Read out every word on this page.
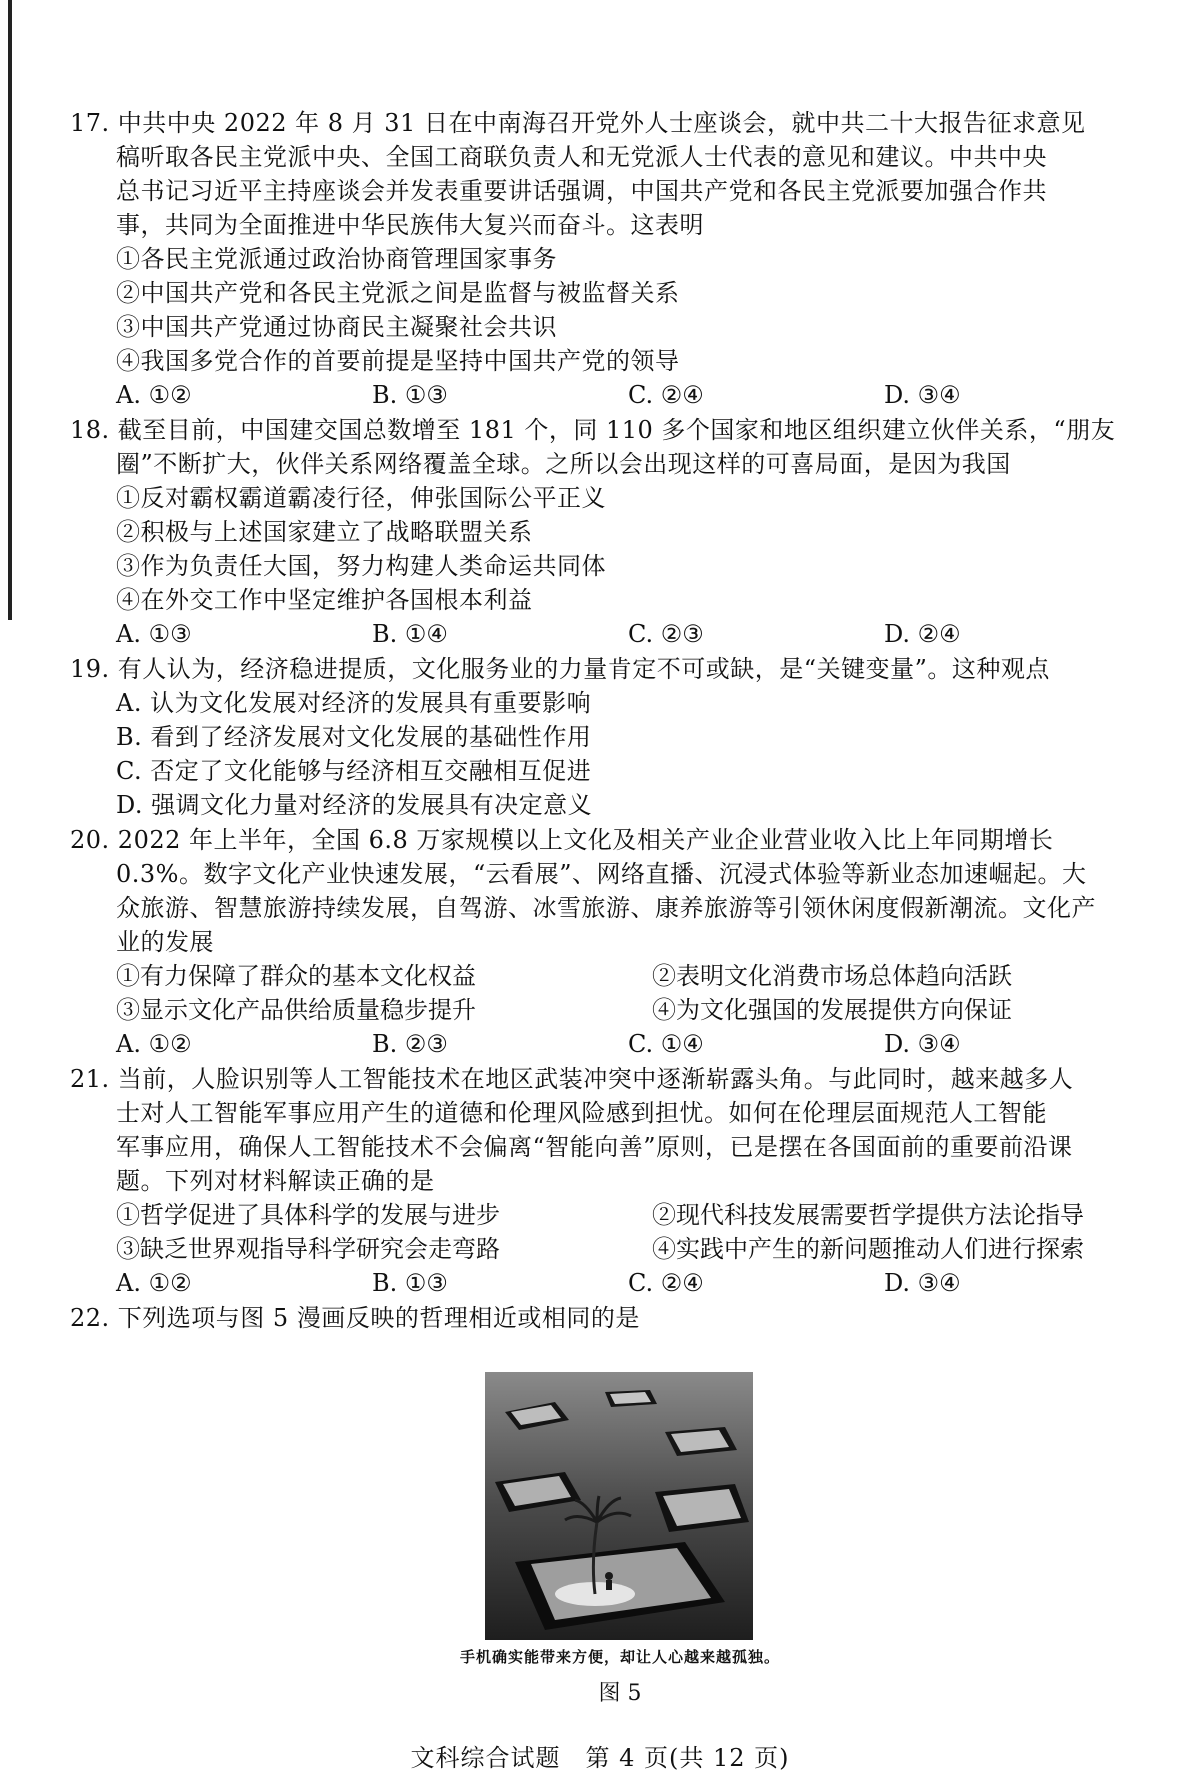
17. 中共中央 2022 年 8 月 31 日在中南海召开党外人士座谈会，就中共二十大报告征求意见
稿听取各民主党派中央、全国工商联负责人和无党派人士代表的意见和建议。中共中央
总书记习近平主持座谈会并发表重要讲话强调，中国共产党和各民主党派要加强合作共
事，共同为全面推进中华民族伟大复兴而奋斗。这表明
①各民主党派通过政治协商管理国家事务
②中国共产党和各民主党派之间是监督与被监督关系
③中国共产党通过协商民主凝聚社会共识
④我国多党合作的首要前提是坚持中国共产党的领导
A. ①②	B. ①③	C. ②④	D. ③④
18. 截至目前，中国建交国总数增至 181 个，同 110 多个国家和地区组织建立伙伴关系，“朋友
圈”不断扩大，伙伴关系网络覆盖全球。之所以会出现这样的可喜局面，是因为我国
①反对霸权霸道霸凌行径，伸张国际公平正义
②积极与上述国家建立了战略联盟关系
③作为负责任大国，努力构建人类命运共同体
④在外交工作中坚定维护各国根本利益
A. ①③	B. ①④	C. ②③	D. ②④
19. 有人认为，经济稳进提质，文化服务业的力量肯定不可或缺，是“关键变量”。这种观点
A. 认为文化发展对经济的发展具有重要影响
B. 看到了经济发展对文化发展的基础性作用
C. 否定了文化能够与经济相互交融相互促进
D. 强调文化力量对经济的发展具有决定意义
20. 2022 年上半年，全国 6.8 万家规模以上文化及相关产业企业营业收入比上年同期增长
0.3%。数字文化产业快速发展，“云看展”、网络直播、沉浸式体验等新业态加速崛起。大
众旅游、智慧旅游持续发展，自驾游、冰雪旅游、康养旅游等引领休闲度假新潮流。文化产
业的发展
①有力保障了群众的基本文化权益	②表明文化消费市场总体趋向活跃
③显示文化产品供给质量稳步提升	④为文化强国的发展提供方向保证
A. ①②	B. ②③	C. ①④	D. ③④
21. 当前，人脸识别等人工智能技术在地区武装冲突中逐渐崭露头角。与此同时，越来越多人
士对人工智能军事应用产生的道德和伦理风险感到担忧。如何在伦理层面规范人工智能
军事应用，确保人工智能技术不会偏离“智能向善”原则，已是摆在各国面前的重要前沿课
题。下列对材料解读正确的是
①哲学促进了具体科学的发展与进步	②现代科技发展需要哲学提供方法论指导
③缺乏世界观指导科学研究会走弯路	④实践中产生的新问题推动人们进行探索
A. ①②	B. ①③	C. ②④	D. ③④
22. 下列选项与图 5 漫画反映的哲理相近或相同的是
手机确实能带来方便，却让人心越来越孤独。
图 5
文科综合试题　第 4 页(共 12 页)
